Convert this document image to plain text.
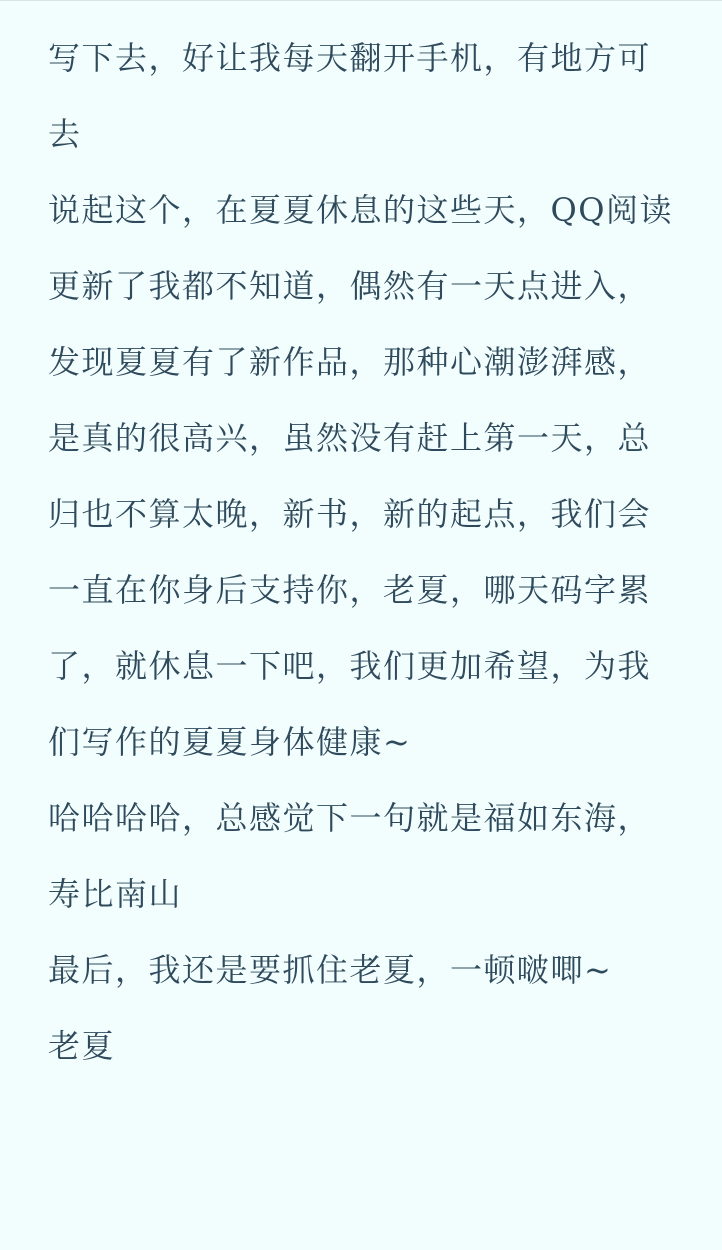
写下去，好让我每天翻开手机，有地方可去

说起这个，在夏夏休息的这些天，QQ阅读更新了我都不知道，偶然有一天点进入，发现夏夏有了新作品，那种心潮澎湃感，是真的很高兴，虽然没有赶上第一天，总归也不算太晚，新书，新的起点，我们会一直在你身后支持你，老夏，哪天码字累了，就休息一下吧，我们更加希望，为我们写作的夏夏身体健康~

哈哈哈哈，总感觉下一句就是福如东海，寿比南山

最后，我还是要抓住老夏，一顿啵唧~

老夏
